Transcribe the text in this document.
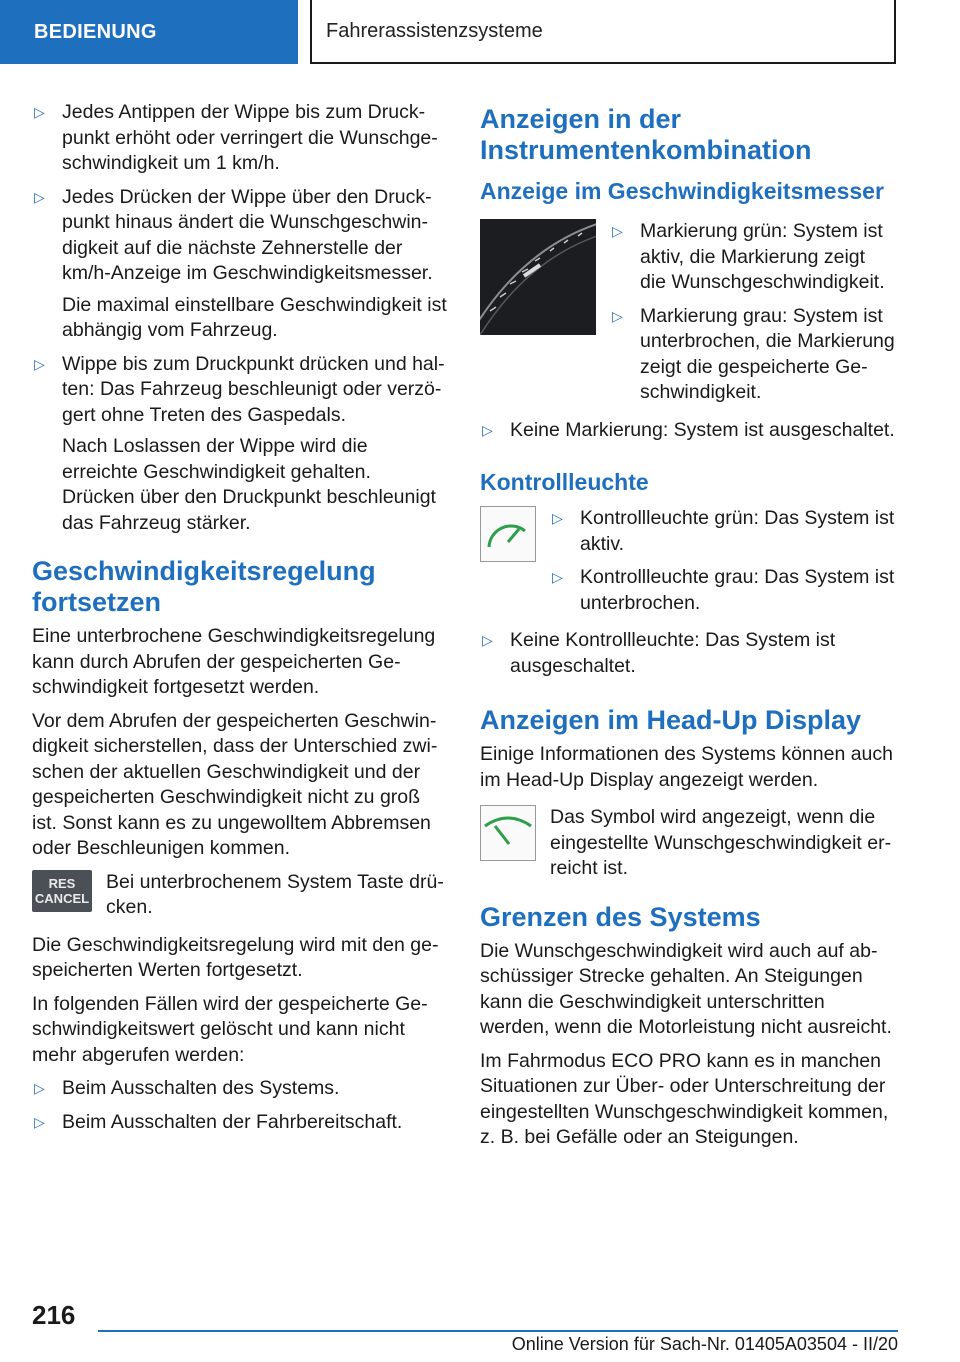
BEDIENUNG	Fahrerassistenzsysteme
▷ Jedes Antippen der Wippe bis zum Druckpunkt erhöht oder verringert die Wunschgeschwindigkeit um 1 km/h.
▷ Jedes Drücken der Wippe über den Druckpunkt hinaus ändert die Wunschgeschwindigkeit auf die nächste Zehnerstelle der km/h-Anzeige im Geschwindigkeitsmesser.
Die maximal einstellbare Geschwindigkeit ist abhängig vom Fahrzeug.
▷ Wippe bis zum Druckpunkt drücken und halten: Das Fahrzeug beschleunigt oder verzögert ohne Treten des Gaspedals.
Nach Loslassen der Wippe wird die erreichte Geschwindigkeit gehalten. Drücken über den Druckpunkt beschleunigt das Fahrzeug stärker.
Geschwindigkeitsregelung fortsetzen

Eine unterbrochene Geschwindigkeitsregelung kann durch Abrufen der gespeicherten Geschwindigkeit fortgesetzt werden.

Vor dem Abrufen der gespeicherten Geschwindigkeit sicherstellen, dass der Unterschied zwischen der aktuellen Geschwindigkeit und der gespeicherten Geschwindigkeit nicht zu groß ist. Sonst kann es zu ungewolltem Abbremsen oder Beschleunigen kommen.

RES
CANCEL
Bei unterbrochenem System Taste drücken.

Die Geschwindigkeitsregelung wird mit den gespeicherten Werten fortgesetzt.

In folgenden Fällen wird der gespeicherte Geschwindigkeitswert gelöscht und kann nicht mehr abgerufen werden:

▷ Beim Ausschalten des Systems.
▷ Beim Ausschalten der Fahrbereitschaft.
Anzeigen in der Instrumentenkombination
Anzeige im Geschwindigkeitsmesser
▷ Markierung grün: System ist aktiv, die Markierung zeigt die Wunschgeschwindigkeit.
▷ Markierung grau: System ist unterbrochen, die Markierung zeigt die gespeicherte Geschwindigkeit.
▷ Keine Markierung: System ist ausgeschaltet.
Kontrollleuchte
▷ Kontrollleuchte grün: Das System ist aktiv.
▷ Kontrollleuchte grau: Das System ist unterbrochen.
▷ Keine Kontrollleuchte: Das System ist ausgeschaltet.
Anzeigen im Head-Up Display

Einige Informationen des Systems können auch im Head-Up Display angezeigt werden.

Das Symbol wird angezeigt, wenn die eingestellte Wunschgeschwindigkeit erreicht ist.
Grenzen des Systems

Die Wunschgeschwindigkeit wird auch auf abschüssiger Strecke gehalten. An Steigungen kann die Geschwindigkeit unterschritten werden, wenn die Motorleistung nicht ausreicht.

Im Fahrmodus ECO PRO kann es in manchen Situationen zur Über- oder Unterschreitung der eingestellten Wunschgeschwindigkeit kommen, z. B. bei Gefälle oder an Steigungen.

216
Online Version für Sach-Nr. 01405A03504 - II/20
